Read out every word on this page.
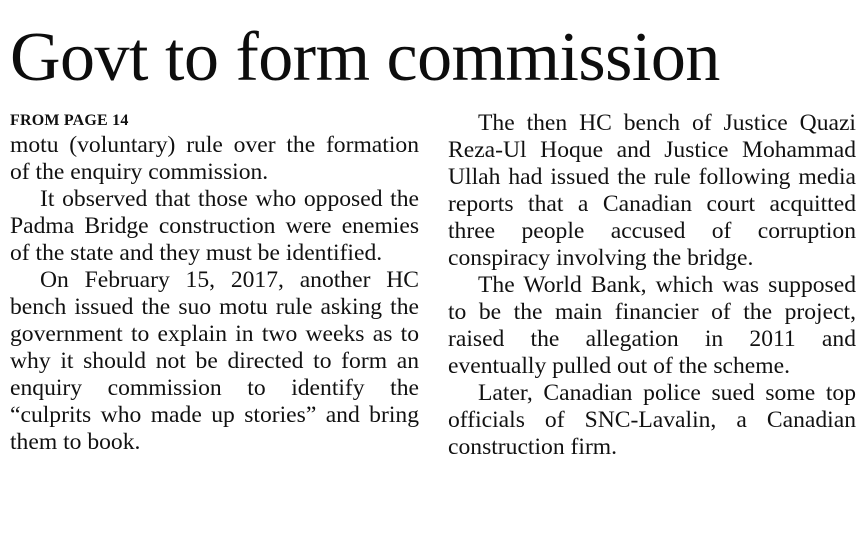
Govt to form commission
FROM PAGE 14

motu (voluntary) rule over the formation of the enquiry commission.

It observed that those who opposed the Padma Bridge construction were enemies of the state and they must be identified.

On February 15, 2017, another HC bench issued the suo motu rule asking the government to explain in two weeks as to why it should not be directed to form an enquiry commission to identify the “culprits who made up stories” and bring them to book.

The then HC bench of Justice Quazi Reza-Ul Hoque and Justice Mohammad Ullah had issued the rule following media reports that a Canadian court acquitted three people accused of corruption conspiracy involving the bridge.

The World Bank, which was supposed to be the main financier of the project, raised the allegation in 2011 and eventually pulled out of the scheme.

Later, Canadian police sued some top officials of SNC-Lavalin, a Canadian construction firm.
